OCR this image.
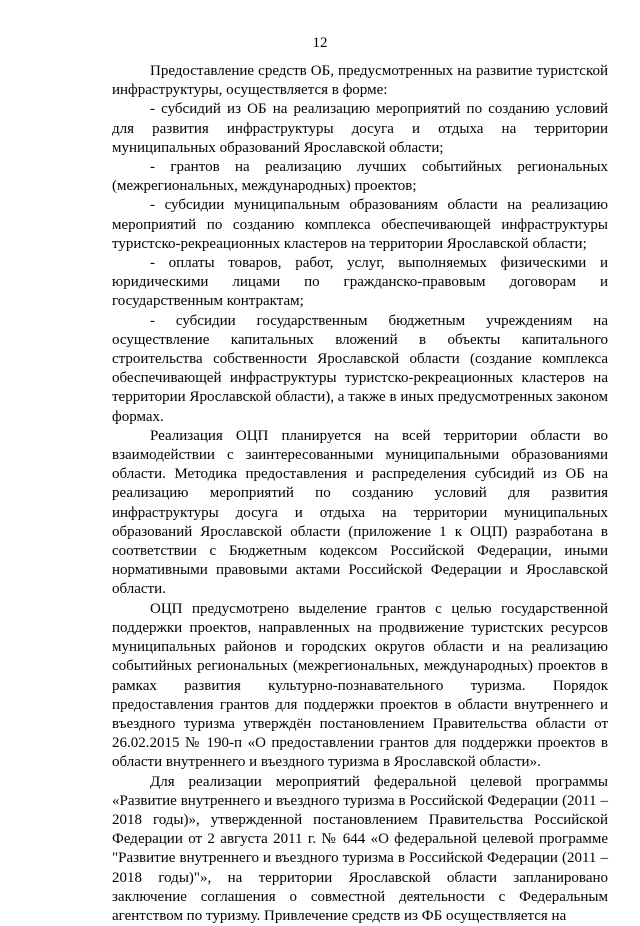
12

Предоставление средств ОБ, предусмотренных на развитие туристской инфраструктуры, осуществляется в форме:

- субсидий из ОБ на реализацию мероприятий по созданию условий для развития инфраструктуры досуга и отдыха на территории муниципальных образований Ярославской области;

- грантов на реализацию лучших событийных региональных (межрегиональных, международных) проектов;

- субсидии муниципальным образованиям области на реализацию мероприятий по созданию комплекса обеспечивающей инфраструктуры туристско-рекреационных кластеров на территории Ярославской области;

- оплаты товаров, работ, услуг, выполняемых физическими и юридическими лицами по гражданско-правовым договорам и государственным контрактам;

- субсидии государственным бюджетным учреждениям на осуществление капитальных вложений в объекты капитального строительства собственности Ярославской области (создание комплекса обеспечивающей инфраструктуры туристско-рекреационных кластеров на территории Ярославской области), а также в иных предусмотренных законом формах.

Реализация ОЦП планируется на всей территории области во взаимодействии с заинтересованными муниципальными образованиями области. Методика предоставления и распределения субсидий из ОБ на реализацию мероприятий по созданию условий для развития инфраструктуры досуга и отдыха на территории муниципальных образований Ярославской области (приложение 1 к ОЦП) разработана в соответствии с Бюджетным кодексом Российской Федерации, иными нормативными правовыми актами Российской Федерации и Ярославской области.

ОЦП предусмотрено выделение грантов с целью государственной поддержки проектов, направленных на продвижение туристских ресурсов муниципальных районов и городских округов области и на реализацию событийных региональных (межрегиональных, международных) проектов в рамках развития культурно-познавательного туризма. Порядок предоставления грантов для поддержки проектов в области внутреннего и въездного туризма утверждён постановлением Правительства области от 26.02.2015 № 190-п «О предоставлении грантов для поддержки проектов в области внутреннего и въездного туризма в Ярославской области».

Для реализации мероприятий федеральной целевой программы «Развитие внутреннего и въездного туризма в Российской Федерации (2011 – 2018 годы)», утвержденной постановлением Правительства Российской Федерации от 2 августа 2011 г. № 644 «О федеральной целевой программе "Развитие внутреннего и въездного туризма в Российской Федерации (2011 – 2018 годы)"», на территории Ярославской области запланировано заключение соглашения о совместной деятельности с Федеральным агентством по туризму. Привлечение средств из ФБ осуществляется на
